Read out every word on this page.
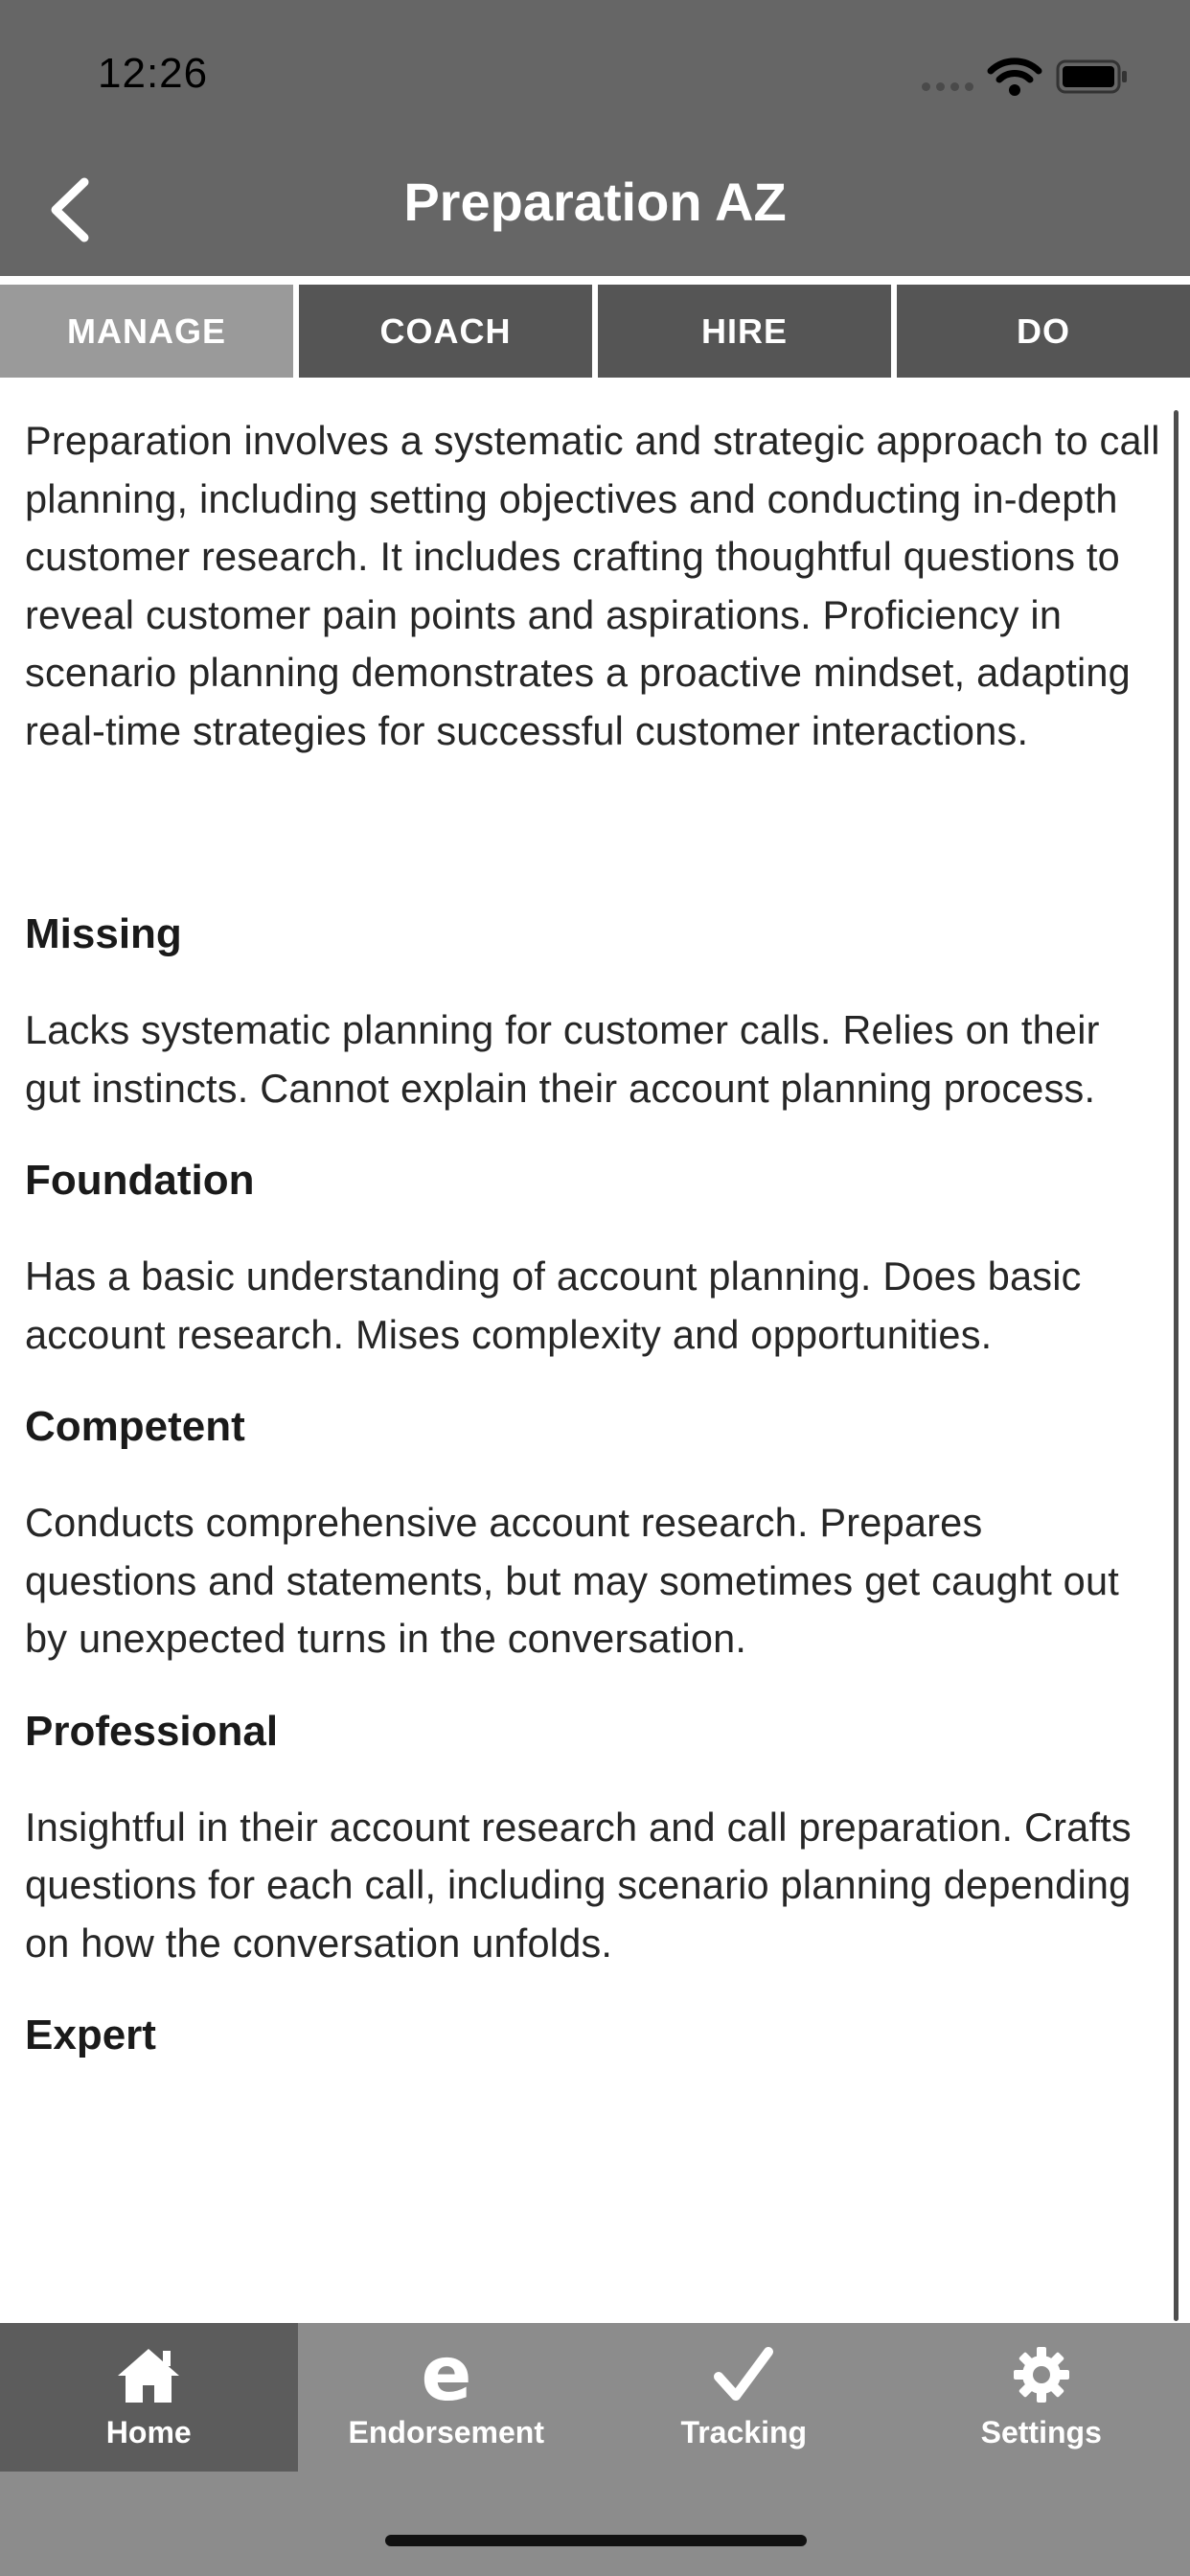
12:26
Preparation AZ
MANAGE	COACH	HIRE	DO

Preparation involves a systematic and strategic approach to call planning, including setting objectives and conducting in-depth customer research. It includes crafting thoughtful questions to reveal customer pain points and aspirations. Proficiency in scenario planning demonstrates a proactive mindset, adapting real-time strategies for successful customer interactions.

Missing

Lacks systematic planning for customer calls. Relies on their gut instincts. Cannot explain their account planning process.

Foundation

Has a basic understanding of account planning. Does basic account research. Mises complexity and opportunities.

Competent

Conducts comprehensive account research. Prepares questions and statements, but may sometimes get caught out by unexpected turns in the conversation.

Professional

Insightful in their account research and call preparation. Crafts questions for each call, including scenario planning depending on how the conversation unfolds.

Expert

Home
e
Endorsement	Tracking	Settings
